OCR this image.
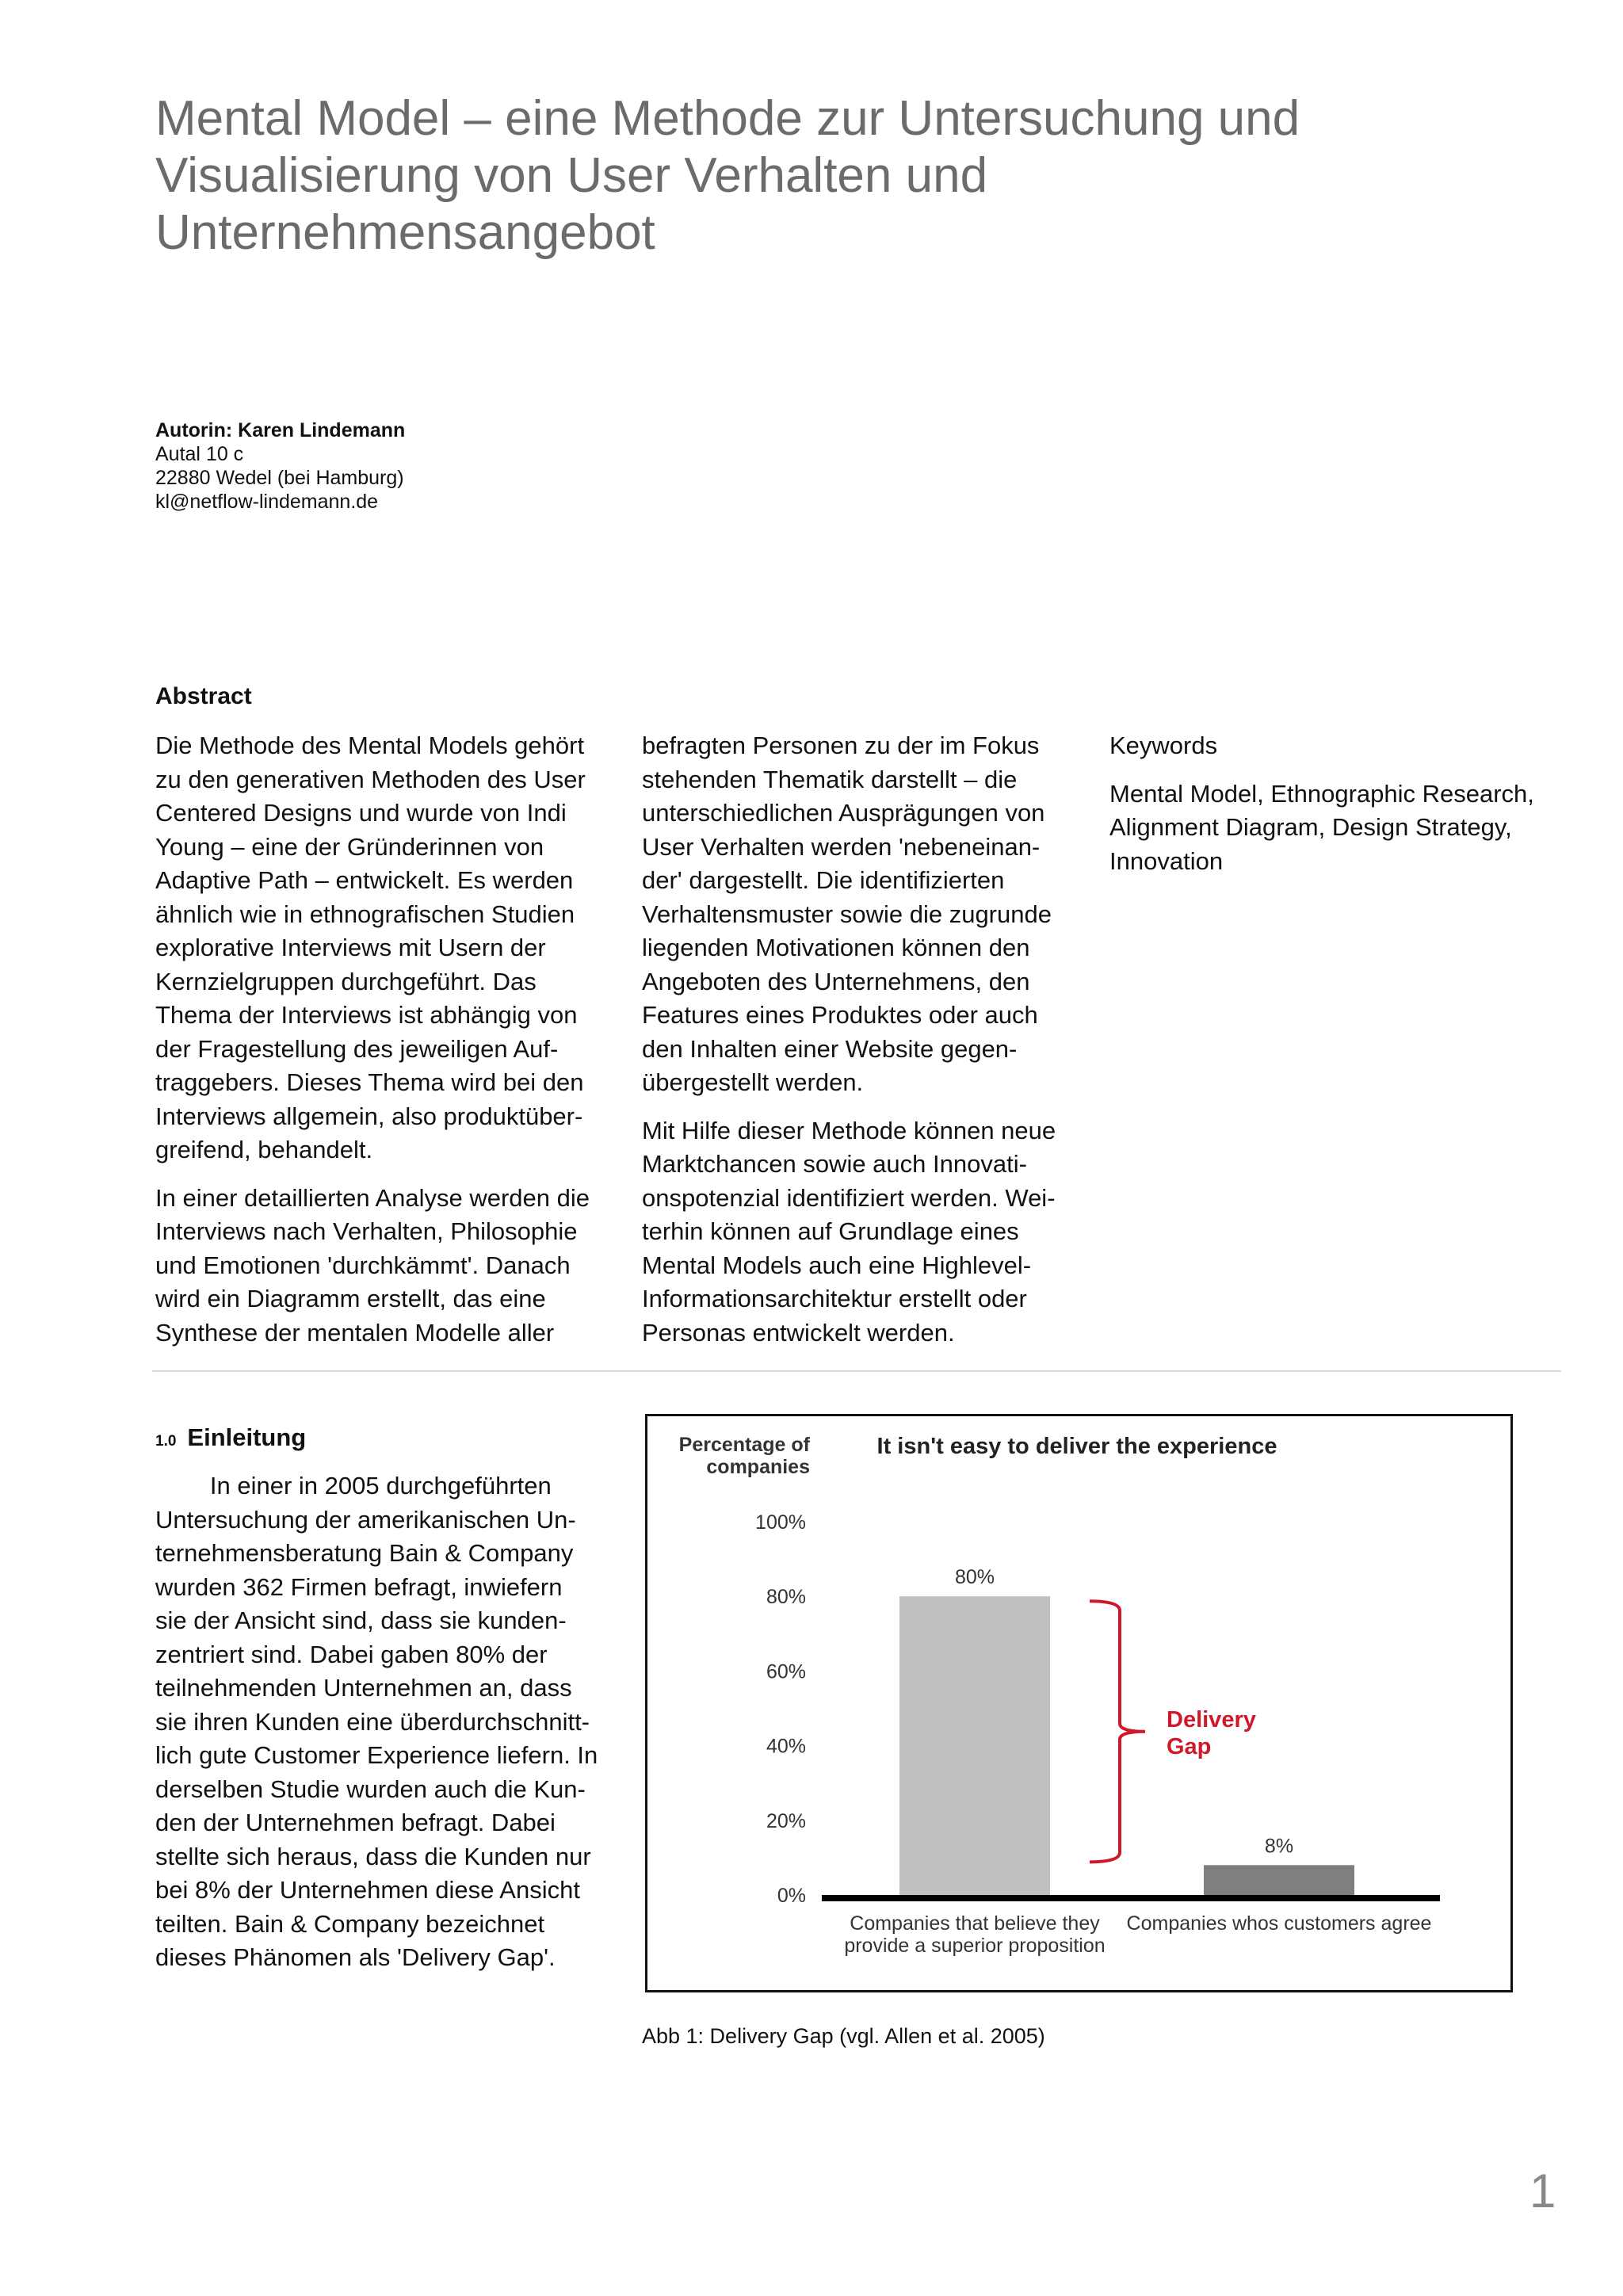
Mental Model – eine Methode zur Untersuchung und
Visualisierung von User Verhalten und
Unternehmensangebot
Autorin: Karen Lindemann
Autal 10 c
22880 Wedel (bei Hamburg)
kl@netflow-lindemann.de
Abstract
Die Methode des Mental Models gehört
zu den generativen Methoden des User
Centered Designs und wurde von Indi
Young – eine der Gründerinnen von
Adaptive Path – entwickelt. Es werden
ähnlich wie in ethnografischen Studien
explorative Interviews mit Usern der
Kernzielgruppen durchgeführt. Das
Thema der Interviews ist abhängig von
der Fragestellung des jeweiligen Auf-
traggebers. Dieses Thema wird bei den
Interviews allgemein, also produktüber-
greifend, behandelt.
In einer detaillierten Analyse werden die
Interviews nach Verhalten, Philosophie
und Emotionen 'durchkämmt'. Danach
wird ein Diagramm erstellt, das eine
Synthese der mentalen Modelle aller
befragten Personen zu der im Fokus
stehenden Thematik darstellt – die
unterschiedlichen Ausprägungen von
User Verhalten werden 'nebeneinan-
der' dargestellt. Die identifizierten
Verhaltensmuster sowie die zugrunde
liegenden Motivationen können den
Angeboten des Unternehmens, den
Features eines Produktes oder auch
den Inhalten einer Website gegen-
übergestellt werden.
Mit Hilfe dieser Methode können neue
Marktchancen sowie auch Innovati-
onspotenzial identifiziert werden. Wei-
terhin können auf Grundlage eines
Mental Models auch eine Highlevel-
Informationsarchitektur erstellt oder
Personas entwickelt werden.
Keywords
Mental Model, Ethnographic Research,
Alignment Diagram, Design Strategy,
Innovation
1.0 Einleitung
In einer in 2005 durchgeführten
Untersuchung der amerikanischen Un-
ternehmensberatung Bain & Company
wurden 362 Firmen befragt, inwiefern
sie der Ansicht sind, dass sie kunden-
zentriert sind. Dabei gaben 80% der
teilnehmenden Unternehmen an, dass
sie ihren Kunden eine überdurchschnitt-
lich gute Customer Experience liefern. In
derselben Studie wurden auch die Kun-
den der Unternehmen befragt. Dabei
stellte sich heraus, dass die Kunden nur
bei 8% der Unternehmen diese Ansicht
teilten. Bain & Company bezeichnet
dieses Phänomen als 'Delivery Gap'.
It isn't easy to deliver the experience
Percentage of
companies
0%
20%
40%
60%
80%
100%
80%
Companies that believe they
provide a superior proposition
8%
Companies whos customers agree
Delivery
Gap
Abb 1: Delivery Gap (vgl. Allen et al. 2005)
1
